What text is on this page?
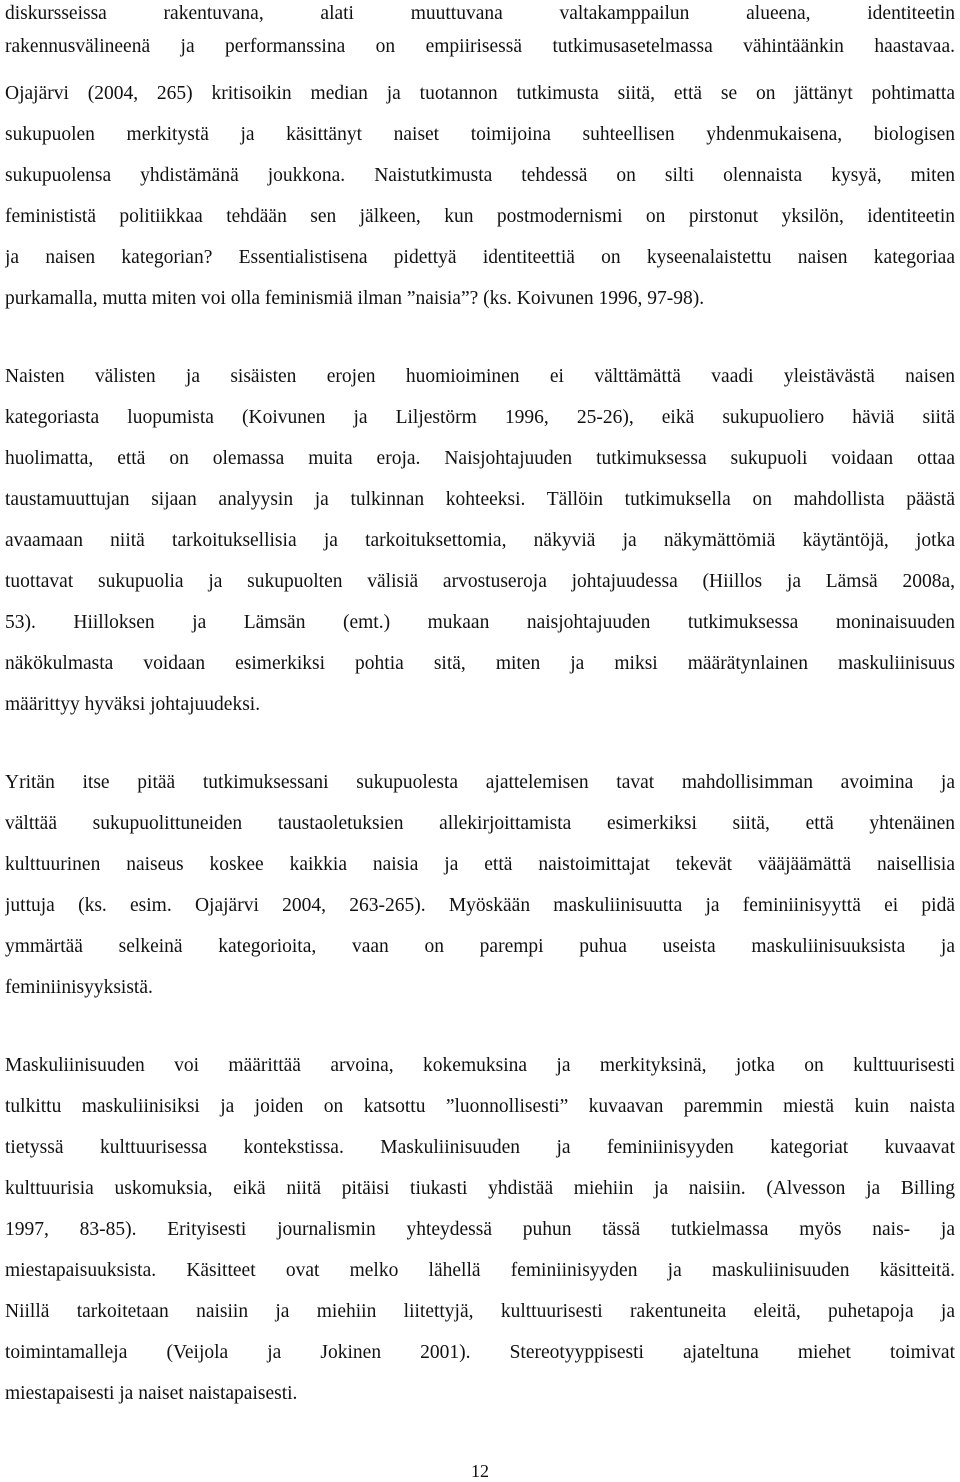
diskursseissa rakentuvana, alati muuttuvana valtakamppailun alueena, identiteetin
rakennusvälineenä ja performanssina on empiirisessä tutkimusasetelmassa vähintäänkin haastavaa.
Ojajärvi (2004, 265) kritisoikin median ja tuotannon tutkimusta siitä, että se on jättänyt pohtimatta
sukupuolen merkitystä ja käsittänyt naiset toimijoina suhteellisen yhdenmukaisena, biologisen
sukupuolensa yhdistämänä joukkona. Naistutkimusta tehdessä on silti olennaista kysyä, miten
feminististä politiikkaa tehdään sen jälkeen, kun postmodernismi on pirstonut yksilön, identiteetin
ja naisen kategorian? Essentialistisena pidettyä identiteettiä on kyseenalaistettu naisen kategoriaa
purkamalla, mutta miten voi olla feminismiä ilman ”naisia”? (ks. Koivunen 1996, 97-98).
Naisten välisten ja sisäisten erojen huomioiminen ei välttämättä vaadi yleistävästä naisen
kategoriasta luopumista (Koivunen ja Liljestörm 1996, 25-26), eikä sukupuoliero häviä siitä
huolimatta, että on olemassa muita eroja. Naisjohtajuuden tutkimuksessa sukupuoli voidaan ottaa
taustamuuttujan sijaan analyysin ja tulkinnan kohteeksi. Tällöin tutkimuksella on mahdollista päästä
avaamaan niitä tarkoituksellisia ja tarkoituksettomia, näkyviä ja näkymättömiä käytäntöjä, jotka
tuottavat sukupuolia ja sukupuolten välisiä arvostuseroja johtajuudessa (Hiillos ja Lämsä 2008a,
53). Hiilloksen ja Lämsän (emt.) mukaan naisjohtajuuden tutkimuksessa moninaisuuden
näkökulmasta voidaan esimerkiksi pohtia sitä, miten ja miksi määrätynlainen maskuliinisuus
määrittyy hyväksi johtajuudeksi.
Yritän itse pitää tutkimuksessani sukupuolesta ajattelemisen tavat mahdollisimman avoimina ja
välttää sukupuolittuneiden taustaoletuksien allekirjoittamista esimerkiksi siitä, että yhtenäinen
kulttuurinen naiseus koskee kaikkia naisia ja että naistoimittajat tekevät vääjäämättä naisellisia
juttuja (ks. esim. Ojajärvi 2004, 263-265). Myöskään maskuliinisuutta ja feminiinisyyttä ei pidä
ymmärtää selkeinä kategorioita, vaan on parempi puhua useista maskuliinisuuksista ja
feminiinisyyksistä.
Maskuliinisuuden voi määrittää arvoina, kokemuksina ja merkityksinä, jotka on kulttuurisesti
tulkittu maskuliinisiksi ja joiden on katsottu ”luonnollisesti” kuvaavan paremmin miestä kuin naista
tietyssä kulttuurisessa kontekstissa. Maskuliinisuuden ja feminiinisyyden kategoriat kuvaavat
kulttuurisia uskomuksia, eikä niitä pitäisi tiukasti yhdistää miehiin ja naisiin. (Alvesson ja Billing
1997, 83-85). Erityisesti journalismin yhteydessä puhun tässä tutkielmassa myös nais- ja
miestapaisuuksista. Käsitteet ovat melko lähellä feminiinisyyden ja maskuliinisuuden käsitteitä.
Niillä tarkoitetaan naisiin ja miehiin liitettyjä, kulttuurisesti rakentuneita eleitä, puhetapoja ja
toimintamalleja (Veijola ja Jokinen 2001). Stereotyyppisesti ajateltuna miehet toimivat
miestapaisesti ja naiset naistapaisesti.
12
